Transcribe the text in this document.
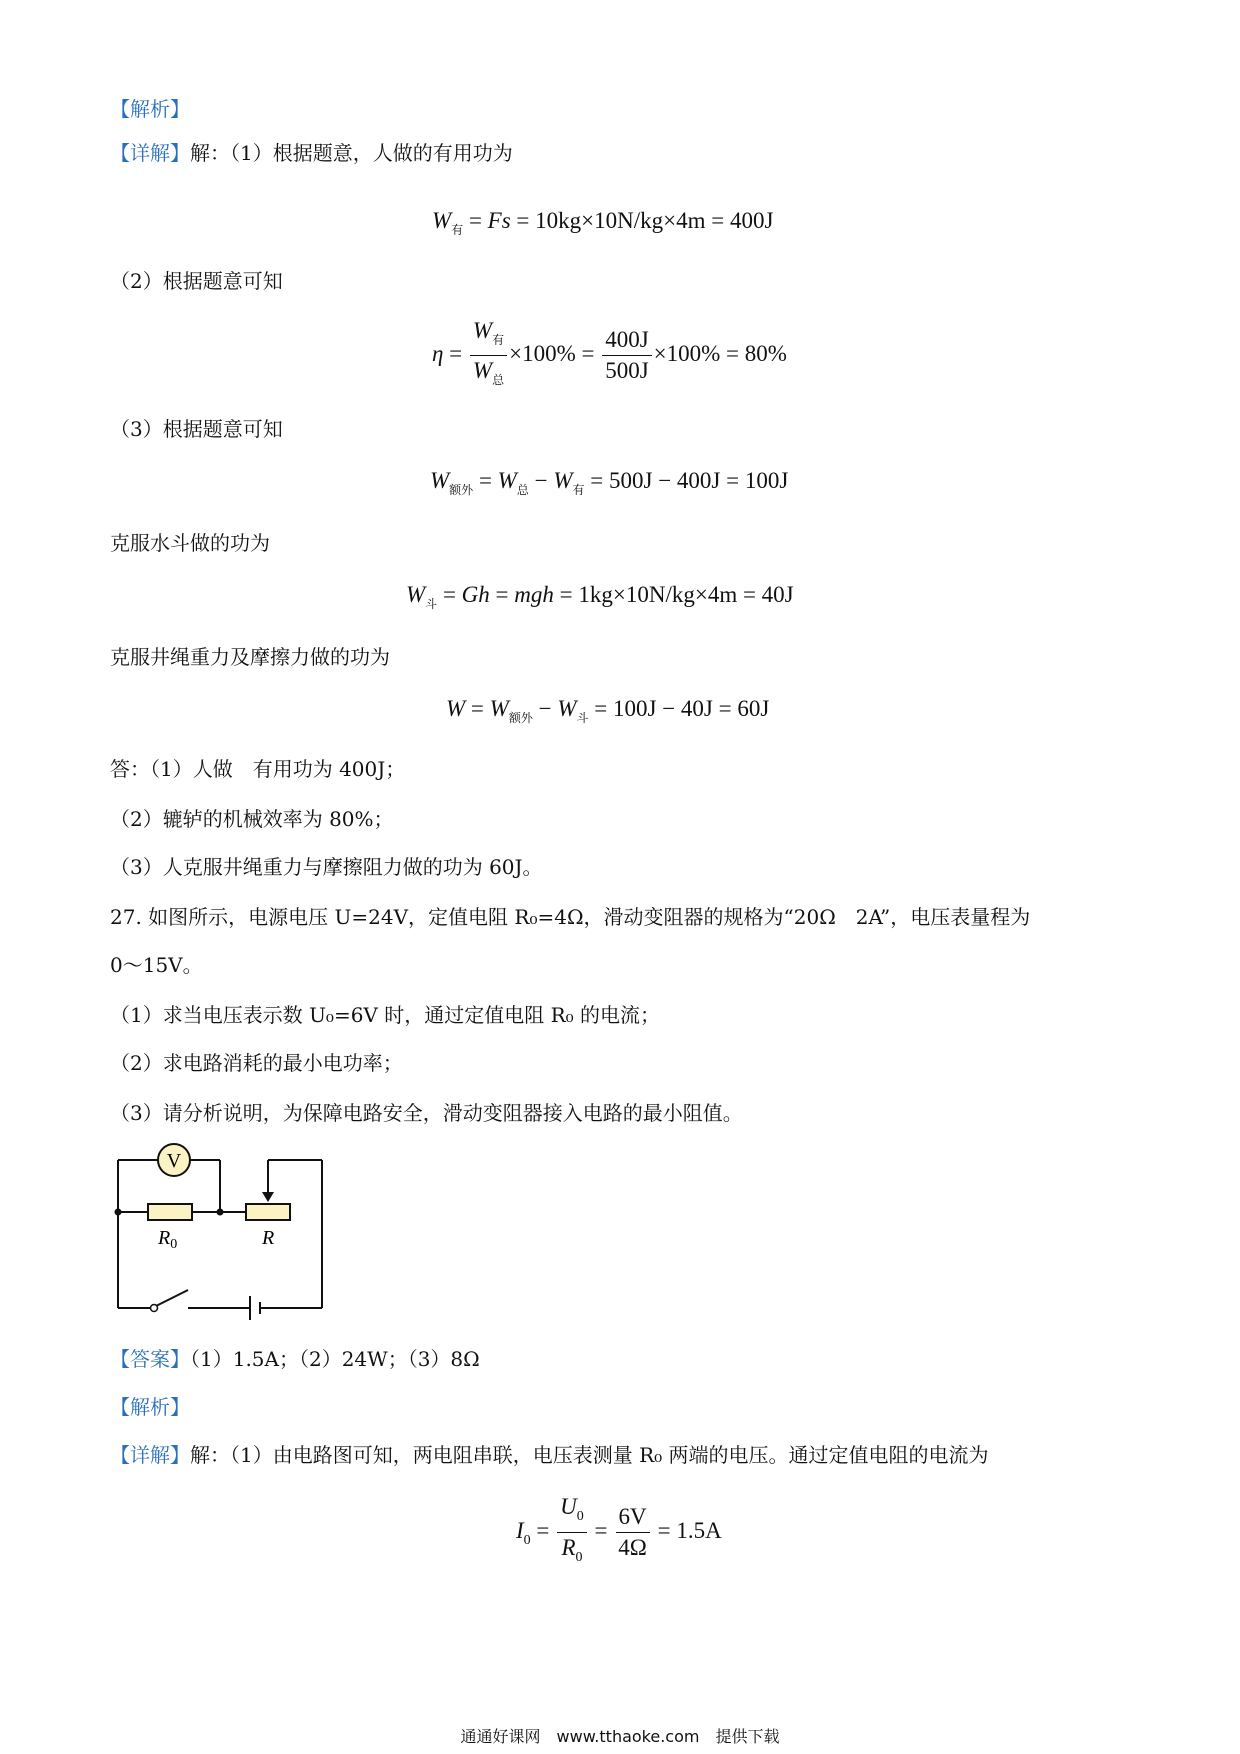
【解析】
【详解】解：（1）根据题意，人做的有用功为
$W_有 = Fs = 10kg\times 10N/kg\times 4m = 400J$
（2）根据题意可知
$\eta = \frac{W_有}{W_总} \times 100\% = \frac{400J}{500J} \times 100\% = 80\%$
（3）根据题意可知
$W_{额外} = W_总 - W_有 = 500J - 400J = 100J$
克服水斗做的功为
$W_斗 = Gh$ = mgh = 1kg×10N/kg×4m = 40J
克服井绳重力及摩擦力做的功为
$W = W_{额外} - W_斗 = 100J - 40J = 60J$
答：（1）人做　有用功为 400J；
（2）辘轳的机械效率为 80%；
（3）人克服井绳重力与摩擦阻力做的功为 60J。
27. 如图所示，电源电压 U=24V，定值电阻 R₀=4Ω，滑动变阻器的规格为“20Ω　2A”，电压表量程为
0～15V。
（1）求当电压表示数 U₀=6V 时，通过定值电阻 R₀ 的电流；
（2）求电路消耗的最小电功率；
（3）请分析说明，为保障电路安全，滑动变阻器接入电路的最小阻值。
V
$R_0$	R
【答案】（1）1.5A；（2）24W；（3）8Ω
【解析】
【详解】解：（1）由电路图可知，两电阻串联，电压表测量 R₀ 两端的电压。通过定值电阻的电流为
$I_0 = \frac{U_0}{R_0} = \frac{6V}{4\Omega} = 1.5A$
通通好课网　www.tthaoke.com　提供下载
